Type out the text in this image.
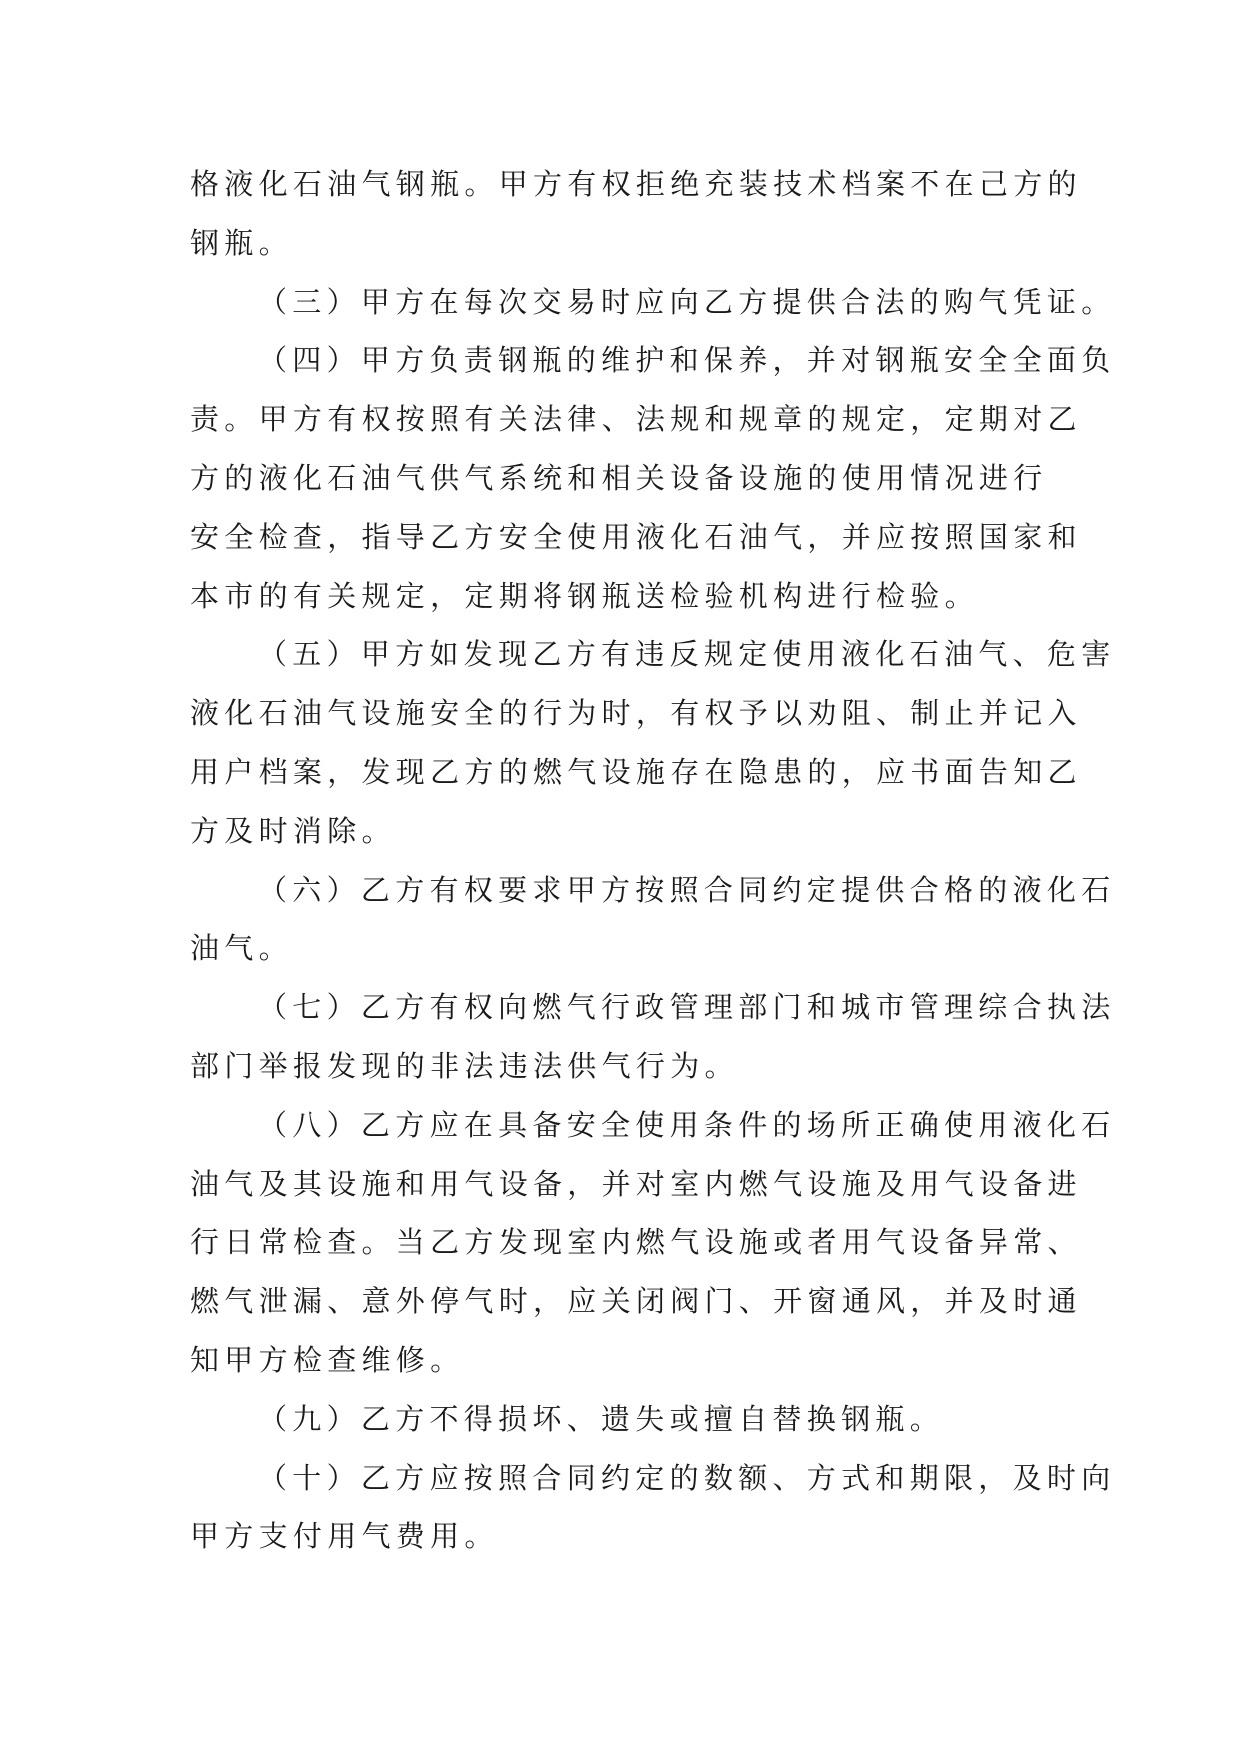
格液化石油气钢瓶。甲方有权拒绝充装技术档案不在己方的
钢瓶。
（三）甲方在每次交易时应向乙方提供合法的购气凭证。
（四）甲方负责钢瓶的维护和保养，并对钢瓶安全全面负
责。甲方有权按照有关法律、法规和规章的规定，定期对乙
方的液化石油气供气系统和相关设备设施的使用情况进行
安全检查，指导乙方安全使用液化石油气，并应按照国家和
本市的有关规定，定期将钢瓶送检验机构进行检验。
（五）甲方如发现乙方有违反规定使用液化石油气、危害
液化石油气设施安全的行为时，有权予以劝阻、制止并记入
用户档案，发现乙方的燃气设施存在隐患的，应书面告知乙
方及时消除。
（六）乙方有权要求甲方按照合同约定提供合格的液化石
油气。
（七）乙方有权向燃气行政管理部门和城市管理综合执法
部门举报发现的非法违法供气行为。
（八）乙方应在具备安全使用条件的场所正确使用液化石
油气及其设施和用气设备，并对室内燃气设施及用气设备进
行日常检查。当乙方发现室内燃气设施或者用气设备异常、
燃气泄漏、意外停气时，应关闭阀门、开窗通风，并及时通
知甲方检查维修。
（九）乙方不得损坏、遗失或擅自替换钢瓶。
（十）乙方应按照合同约定的数额、方式和期限，及时向
甲方支付用气费用。
